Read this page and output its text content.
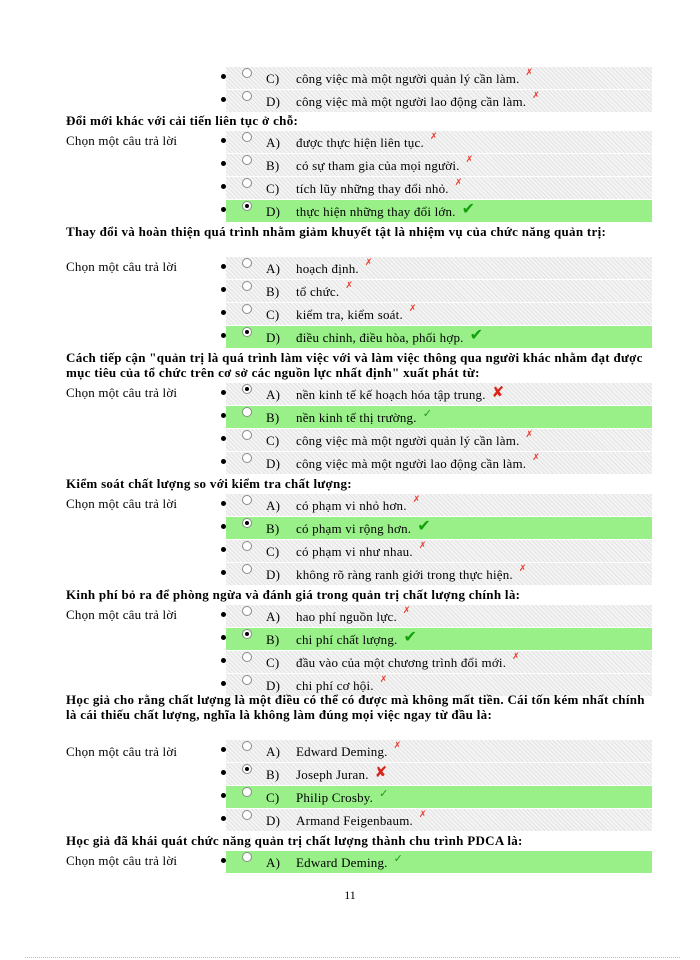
C) công việc mà một người quản lý cần làm. ✗
D) công việc mà một người lao động cần làm. ✗
Đổi mới khác với cải tiến liên tục ở chỗ:
Chọn một câu trả lời	A) được thực hiện liên tục. ✗
B) có sự tham gia của mọi người. ✗
C) tích lũy những thay đổi nhỏ. ✗
D) thực hiện những thay đổi lớn. ✔
Thay đổi và hoàn thiện quá trình nhằm giảm khuyết tật là nhiệm vụ của chức năng quản trị:
Chọn một câu trả lời	A) hoạch định. ✗
B) tổ chức. ✗
C) kiểm tra, kiểm soát. ✗
D) điều chỉnh, điều hòa, phối hợp. ✔
Cách tiếp cận "quản trị là quá trình làm việc với và làm việc thông qua người khác nhằm đạt được mục tiêu của tổ chức trên cơ sở các nguồn lực nhất định" xuất phát từ:
Chọn một câu trả lời	A) nền kinh tế kế hoạch hóa tập trung. ✘
B) nền kinh tế thị trường. ✓
C) công việc mà một người quản lý cần làm. ✗
D) công việc mà một người lao động cần làm. ✗
Kiểm soát chất lượng so với kiểm tra chất lượng:
Chọn một câu trả lời	A) có phạm vi nhỏ hơn. ✗
B) có phạm vi rộng hơn. ✔
C) có phạm vi như nhau. ✗
D) không rõ ràng ranh giới trong thực hiện. ✗
Kinh phí bỏ ra để phòng ngừa và đánh giá trong quản trị chất lượng chính là:
Chọn một câu trả lời	A) hao phí nguồn lực. ✗
B) chi phí chất lượng. ✔
C) đầu vào của một chương trình đổi mới. ✗
D) chi phí cơ hội. ✗
Học giả cho rằng chất lượng là một điều có thể có được mà không mất tiền. Cái tốn kém nhất chính là cái thiếu chất lượng, nghĩa là không làm đúng mọi việc ngay từ đầu là:
Chọn một câu trả lời	A) Edward Deming. ✗
B) Joseph Juran. ✘
C) Philip Crosby. ✓
D) Armand Feigenbaum. ✗
Học giả đã khái quát chức năng quản trị chất lượng thành chu trình PDCA là:
Chọn một câu trả lời	A) Edward Deming. ✓
11
